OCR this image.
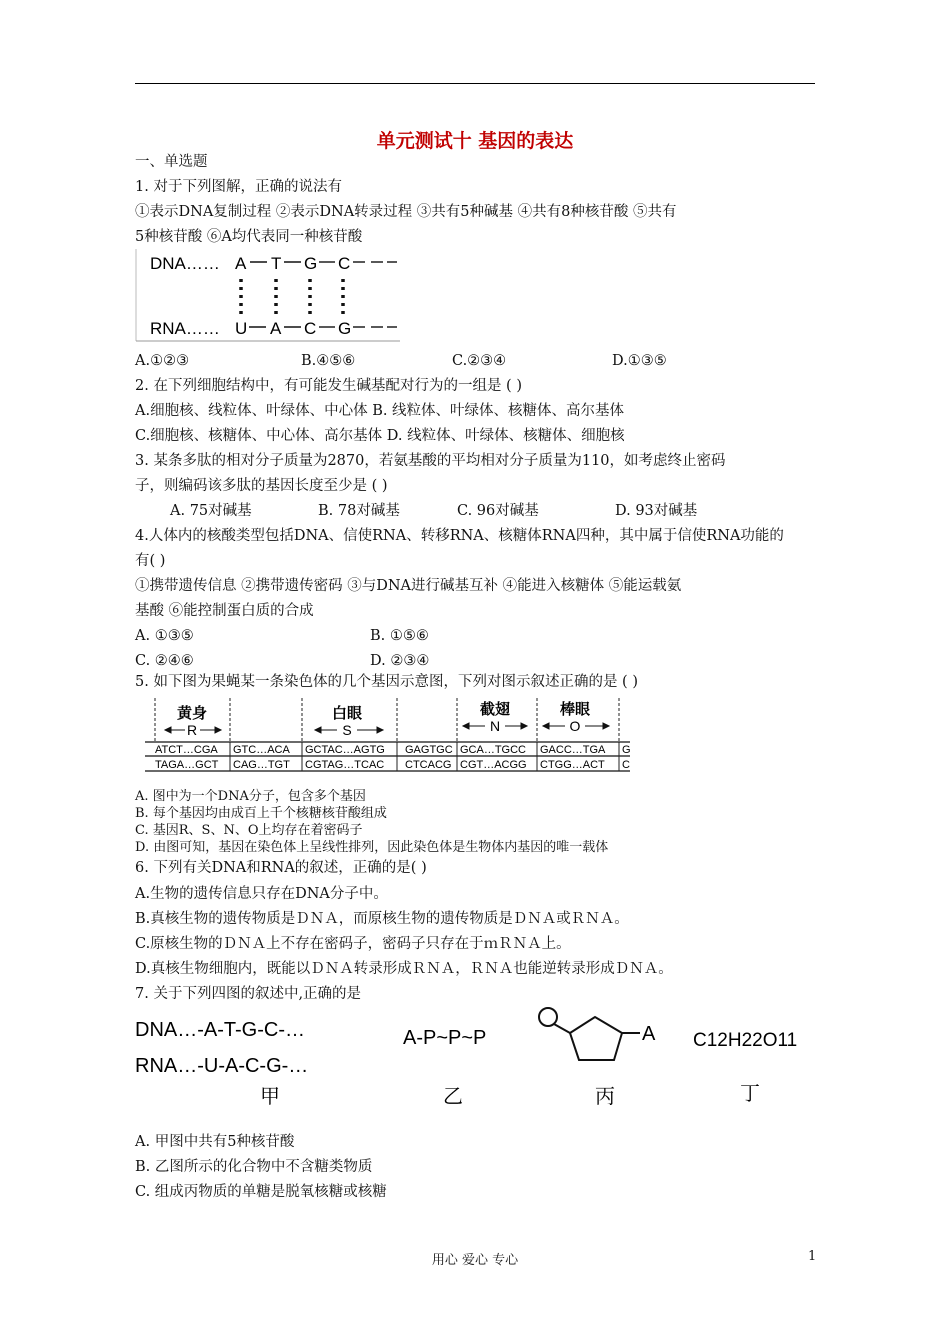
单元测试十 基因的表达
一、单选题
1. 对于下列图解，正确的说法有
①表示DNA复制过程 ②表示DNA转录过程 ③共有5种碱基 ④共有8种核苷酸 ⑤共有
5种核苷酸 ⑥A均代表同一种核苷酸
DNA…… A T G C
RNA…… U A C G
A.①②③	B.④⑤⑥	C.②③④	D.①③⑤
2. 在下列细胞结构中，有可能发生碱基配对行为的一组是 ( )
A.细胞核、线粒体、叶绿体、中心体 B. 线粒体、叶绿体、核糖体、高尔基体
C.细胞核、核糖体、中心体、高尔基体 D. 线粒体、叶绿体、核糖体、细胞核
3. 某条多肽的相对分子质量为2870，若氨基酸的平均相对分子质量为110，如考虑终止密码
子，则编码该多肽的基因长度至少是 ( )
A. 75对碱基	B. 78对碱基	C. 96对碱基	D. 93对碱基
4.人体内的核酸类型包括DNA、信使RNA、转移RNA、核糖体RNA四种，其中属于信使RNA功能的
有( )
①携带遗传信息 ②携带遗传密码 ③与DNA进行碱基互补 ④能进入核糖体 ⑤能运载氨
基酸 ⑥能控制蛋白质的合成
A. ①③⑤	B. ①⑤⑥
C. ②④⑥	D. ②③④
5. 如下图为果蝇某一条染色体的几个基因示意图，下列对图示叙述正确的是 ( )
黄身	白眼	截翅	棒眼
R	S	N	O
ATCT…CGA GTC…ACA GCTAC…AGTG GAGTGC GCA…TGCC GACC…TGA G
TAGA…GCT CAG…TGT CGTAG…TCAC CTCACG CGT…ACGG CTGG…ACT C
A. 图中为一个DNA分子，包含多个基因
B. 每个基因均由成百上千个核糖核苷酸组成
C. 基因R、S、N、O上均存在着密码子
D. 由图可知，基因在染色体上呈线性排列，因此染色体是生物体内基因的唯一载体
6. 下列有关DNA和RNA的叙述，正确的是( )
A.生物的遗传信息只存在DNA分子中。
B.真核生物的遗传物质是ＤＮＡ，而原核生物的遗传物质是ＤＮＡ或ＲＮＡ。
C.原核生物的ＤＮＡ上不存在密码子，密码子只存在于ｍＲＮＡ上。
D.真核生物细胞内，既能以ＤＮＡ转录形成ＲＮＡ，ＲＮＡ也能逆转录形成ＤＮＡ。
7. 关于下列四图的叙述中,正确的是
DNA…-A-T-G-C-…
RNA…-U-A-C-G-…
A-P~P~P	A C12H22O11
甲	乙	丙	丁
A. 甲图中共有5种核苷酸
B. 乙图所示的化合物中不含糖类物质
C. 组成丙物质的单糖是脱氧核糖或核糖
用心 爱心 专心	1
